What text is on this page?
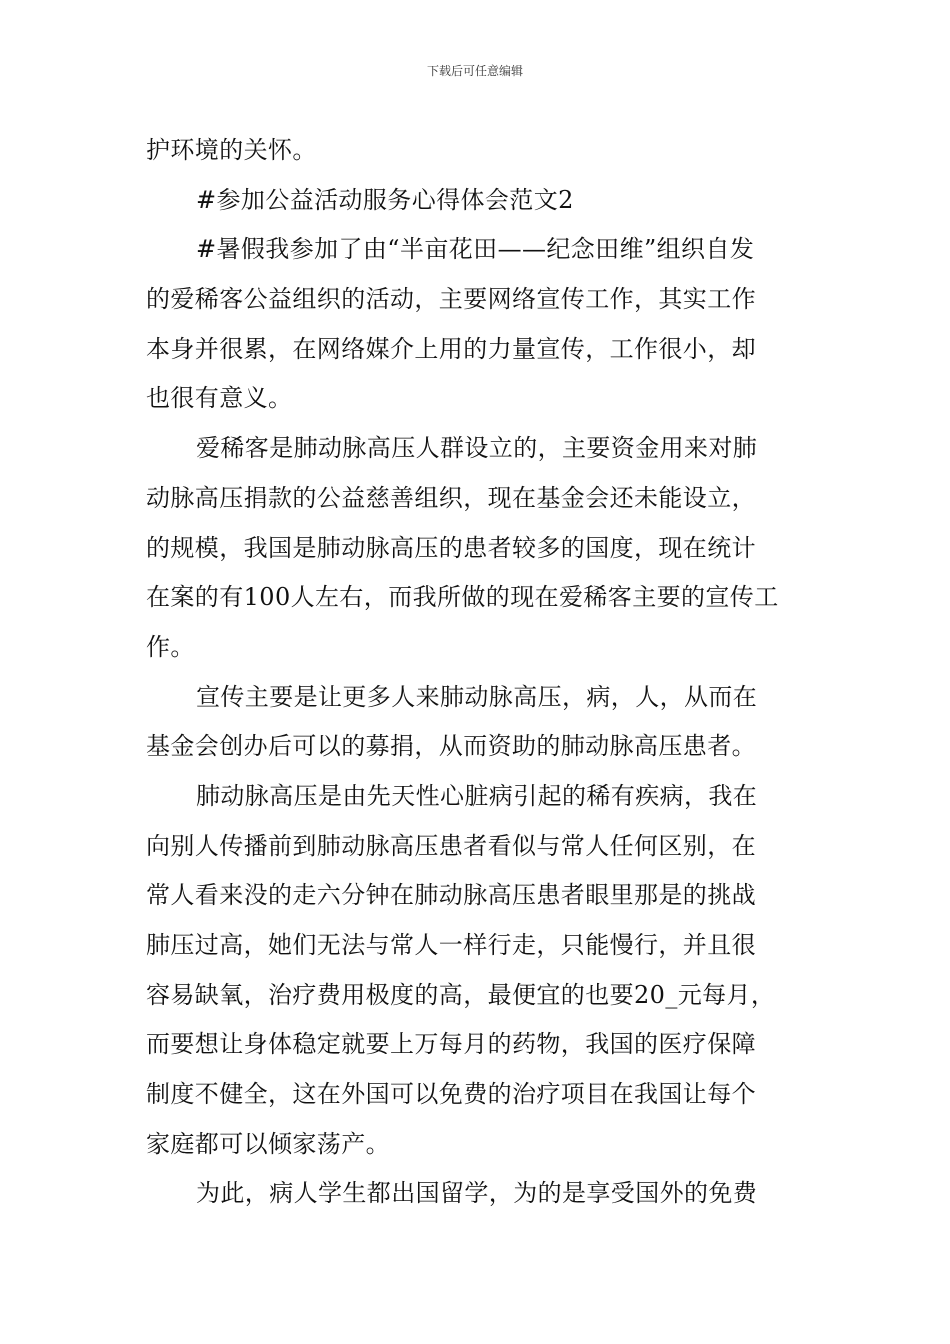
下载后可任意编辑
护环境的关怀。
#参加公益活动服务心得体会范文2
#暑假我参加了由“半亩花田——纪念田维”组织自发
的爱稀客公益组织的活动，主要网络宣传工作，其实工作
本身并很累，在网络媒介上用的力量宣传，工作很小，却
也很有意义。
爱稀客是肺动脉高压人群设立的，主要资金用来对肺
动脉高压捐款的公益慈善组织，现在基金会还未能设立，
的规模，我国是肺动脉高压的患者较多的国度，现在统计
在案的有100人左右，而我所做的现在爱稀客主要的宣传工
作。
宣传主要是让更多人来肺动脉高压，病，人，从而在
基金会创办后可以的募捐，从而资助的肺动脉高压患者。
肺动脉高压是由先天性心脏病引起的稀有疾病，我在
向别人传播前到肺动脉高压患者看似与常人任何区别，在
常人看来没的走六分钟在肺动脉高压患者眼里那是的挑战
肺压过高，她们无法与常人一样行走，只能慢行，并且很
容易缺氧，治疗费用极度的高，最便宜的也要20_元每月，
而要想让身体稳定就要上万每月的药物，我国的医疗保障
制度不健全，这在外国可以免费的治疗项目在我国让每个
家庭都可以倾家荡产。
为此，病人学生都出国留学，为的是享受国外的免费
